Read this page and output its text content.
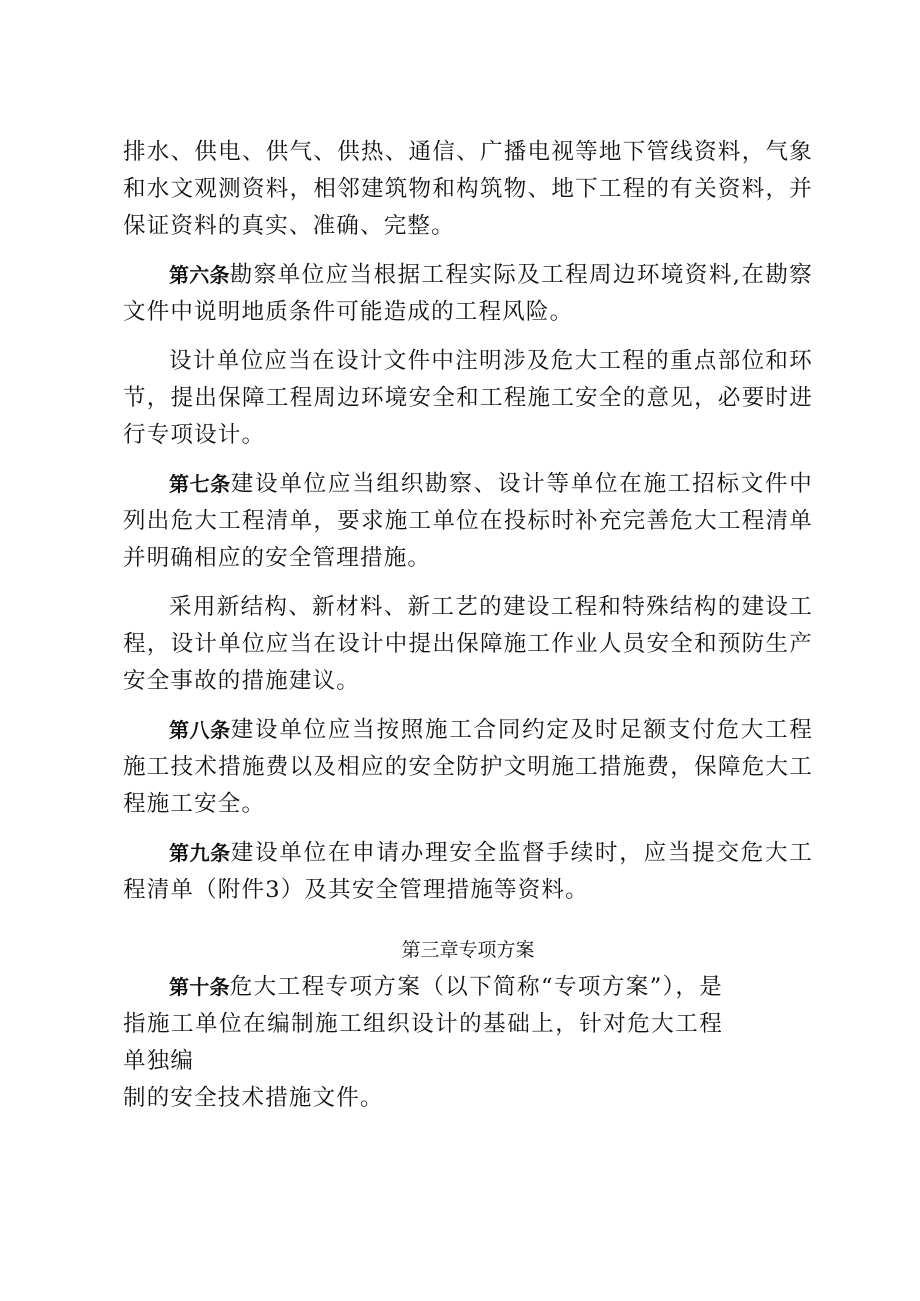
排水、供电、供气、供热、通信、广播电视等地下管线资料，气象和水文观测资料，相邻建筑物和构筑物、地下工程的有关资料，并保证资料的真实、准确、完整。

第六条勘察单位应当根据工程实际及工程周边环境资料,在勘察文件中说明地质条件可能造成的工程风险。

设计单位应当在设计文件中注明涉及危大工程的重点部位和环节，提出保障工程周边环境安全和工程施工安全的意见，必要时进行专项设计。

第七条建设单位应当组织勘察、设计等单位在施工招标文件中列出危大工程清单，要求施工单位在投标时补充完善危大工程清单并明确相应的安全管理措施。

采用新结构、新材料、新工艺的建设工程和特殊结构的建设工程，设计单位应当在设计中提出保障施工作业人员安全和预防生产安全事故的措施建议。

第八条建设单位应当按照施工合同约定及时足额支付危大工程施工技术措施费以及相应的安全防护文明施工措施费，保障危大工程施工安全。

第九条建设单位在申请办理安全监督手续时，应当提交危大工程清单（附件3）及其安全管理措施等资料。

第三章专项方案

第十条危大工程专项方案（以下简称“专项方案”），是指施工单位在编制施工组织设计的基础上，针对危大工程单独编

制的安全技术措施文件。
